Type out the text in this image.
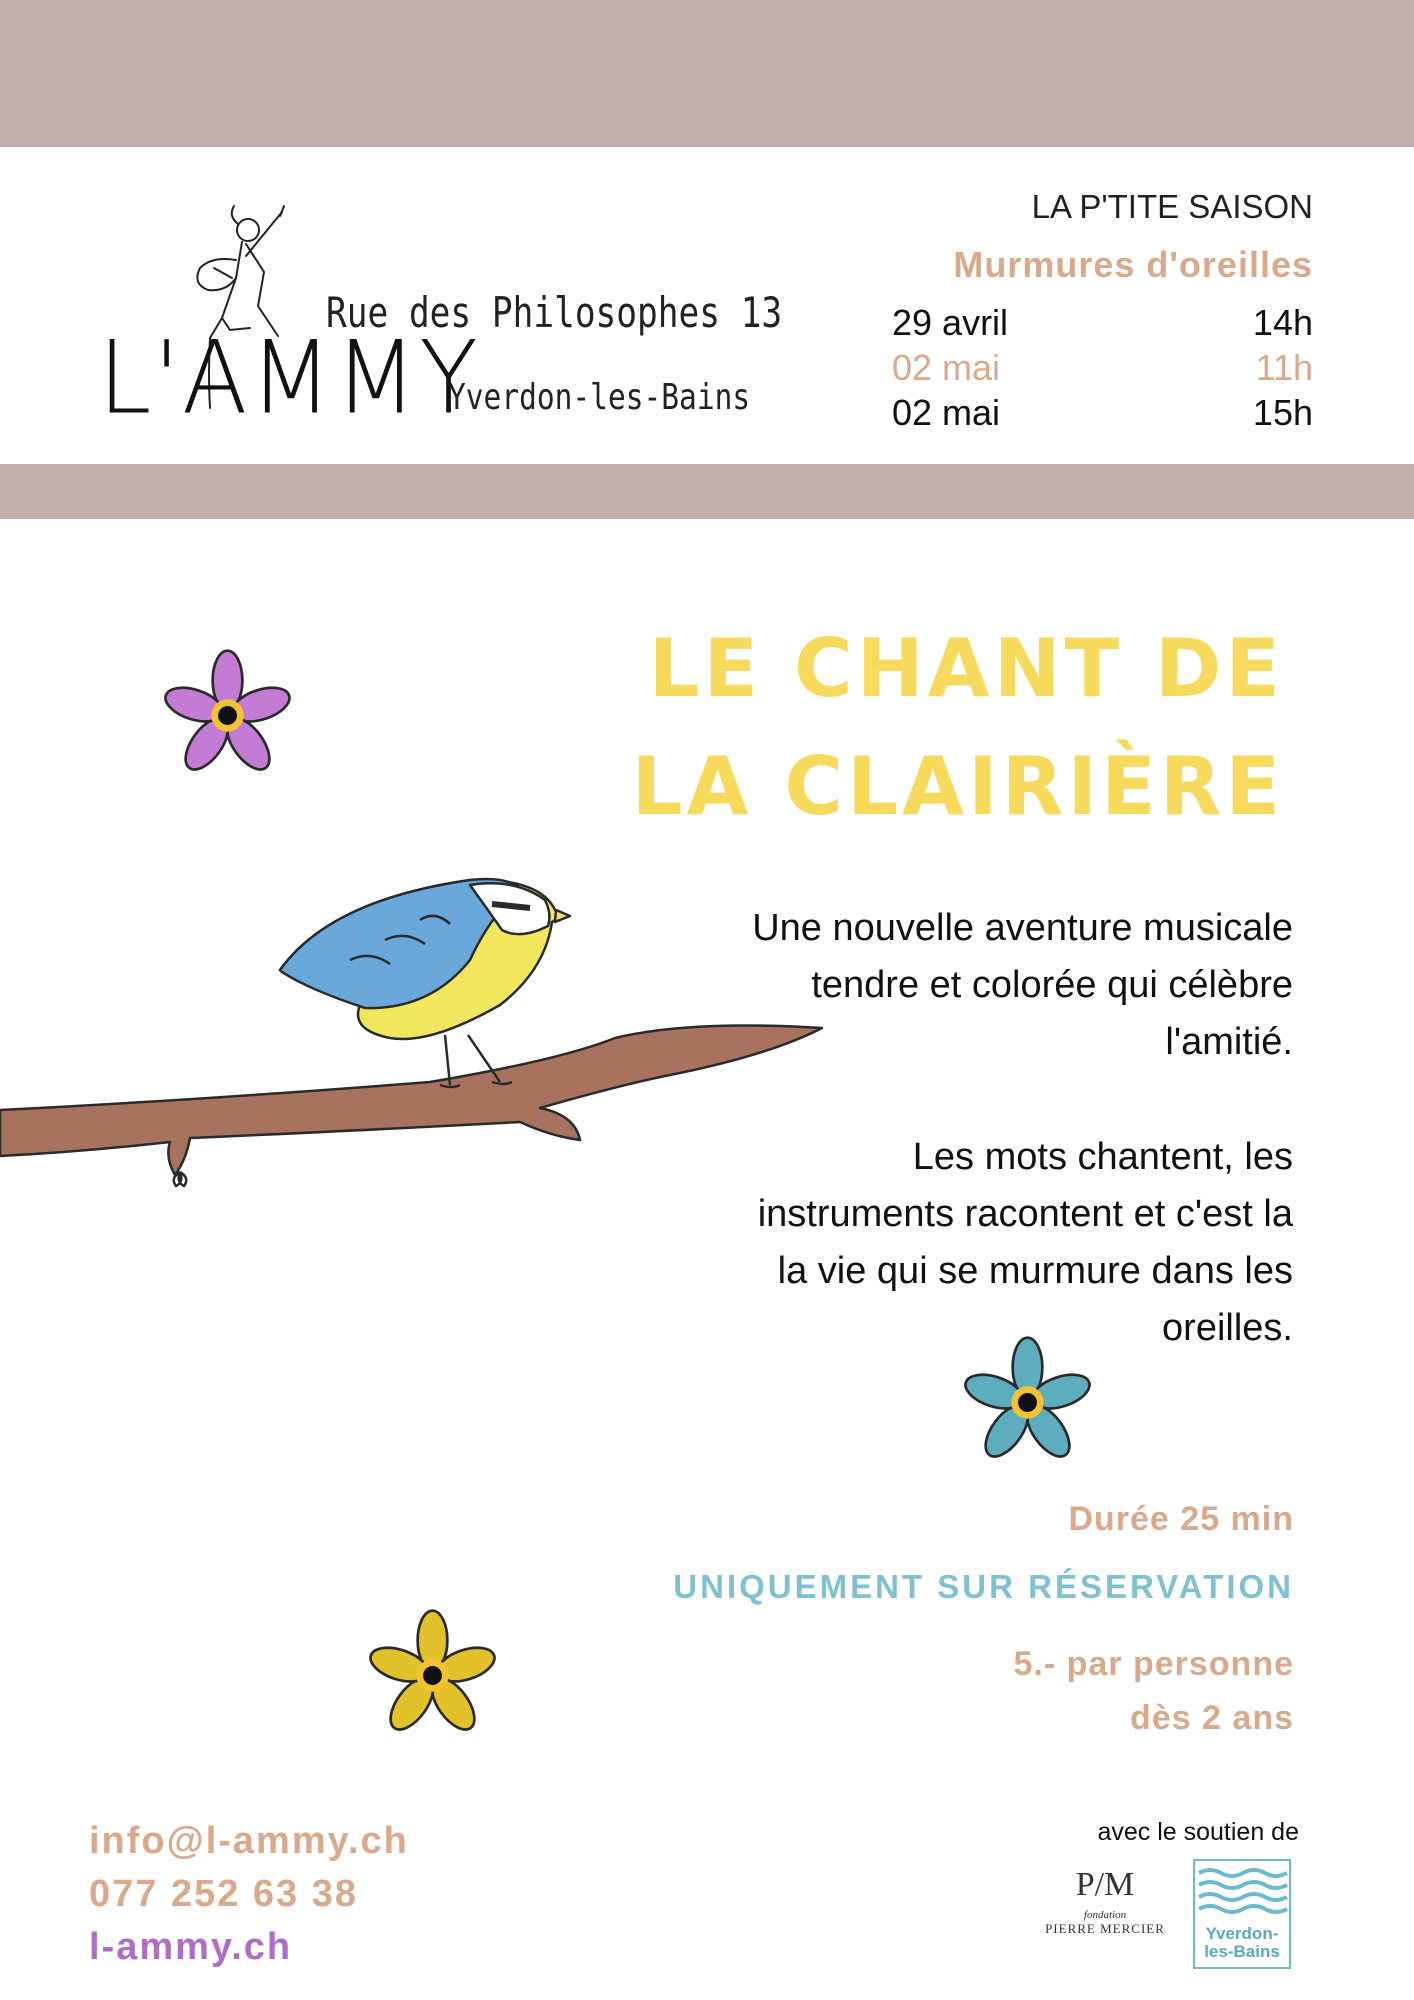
Rue des Philosophes 13
L'AMMY
Yverdon-les-Bains
LA P'TITE SAISON
Murmures d'oreilles
29 avril	14h
02 mai	11h
02 mai	15h
LE CHANT DE
LA CLAIRIÈRE
Une nouvelle aventure musicale
tendre et colorée qui célèbre
l'amitié.
Les mots chantent, les
instruments racontent et c'est la
la vie qui se murmure dans les
oreilles.
Durée 25 min
UNIQUEMENT SUR RÉSERVATION
5.- par personne
dès 2 ans
info@l-ammy.ch
077 252 63 38
l-ammy.ch
avec le soutien de
P/M
fondation
PIERRE MERCIER	Yverdon-
les-Bains
